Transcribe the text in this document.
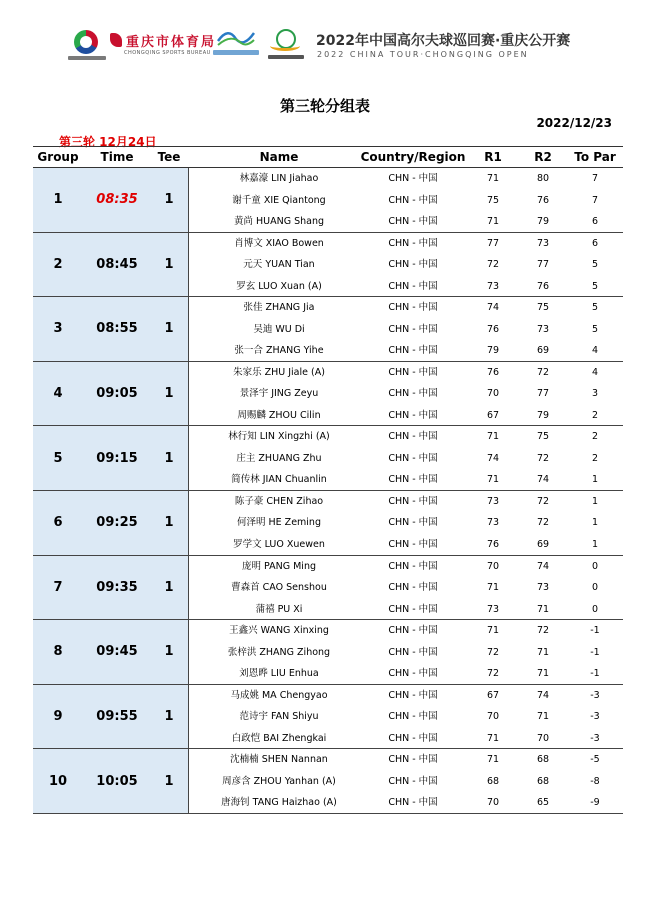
重庆市体育局
CHONGQING SPORTS BUREAU
2022年中国高尔夫球巡回赛·重庆公开赛
2022 CHINA TOUR·CHONGQING OPEN
第三轮分组表
2022/12/23
第三轮 12月24日
Group	Time	Tee	Name	Country/Region	R1	R2	To Par
1	08:35	1
林嘉濠 LIN Jiahao	CHN - 中国	71	80	7
谢千童 XIE Qiantong	CHN - 中国	75	76	7
黄尚 HUANG Shang	CHN - 中国	71	79	6
2	08:45	1
肖博文 XIAO Bowen	CHN - 中国	77	73	6
元天 YUAN Tian	CHN - 中国	72	77	5
罗玄 LUO Xuan (A)	CHN - 中国	73	76	5
3	08:55	1
张佳 ZHANG Jia	CHN - 中国	74	75	5
吴迪 WU Di	CHN - 中国	76	73	5
张一合 ZHANG Yihe	CHN - 中国	79	69	4
4	09:05	1
朱家乐 ZHU Jiale (A)	CHN - 中国	76	72	4
景泽宇 JING Zeyu	CHN - 中国	70	77	3
周赐麟 ZHOU Cilin	CHN - 中国	67	79	2
5	09:15	1
林行知 LIN Xingzhi (A)	CHN - 中国	71	75	2
庄主 ZHUANG Zhu	CHN - 中国	74	72	2
简传林 JIAN Chuanlin	CHN - 中国	71	74	1
6	09:25	1
陈子豪 CHEN Zihao	CHN - 中国	73	72	1
何泽明 HE Zeming	CHN - 中国	73	72	1
罗学文 LUO Xuewen	CHN - 中国	76	69	1
7	09:35	1
庞明 PANG Ming	CHN - 中国	70	74	0
曹森首 CAO Senshou	CHN - 中国	71	73	0
蒲禧 PU Xi	CHN - 中国	73	71	0
8	09:45	1
王鑫兴 WANG Xinxing	CHN - 中国	71	72	-1
张梓洪 ZHANG Zihong	CHN - 中国	72	71	-1
刘恩晔 LIU Enhua	CHN - 中国	72	71	-1
9	09:55	1
马成姚 MA Chengyao	CHN - 中国	67	74	-3
范诗宇 FAN Shiyu	CHN - 中国	70	71	-3
白政恺 BAI Zhengkai	CHN - 中国	71	70	-3
10	10:05	1
沈楠楠 SHEN Nannan	CHN - 中国	71	68	-5
周彦含 ZHOU Yanhan (A)	CHN - 中国	68	68	-8
唐海钊 TANG Haizhao (A)	CHN - 中国	70	65	-9
